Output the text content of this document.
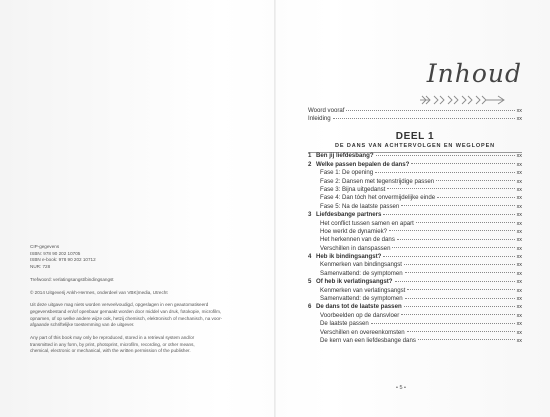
CIP-gegevens
ISBN: 978 90 202 10705
ISBN e-book: 978 90 202 10712
NUR: 728

Trefwoord: verlatingsangst/bindingsangst

© 2014 Uitgeverij Ankh-Hermes, onderdeel van VBK|media, Utrecht

Uit deze uitgave mag niets worden verveelvoudigd, opgeslagen in een geautomatiseerd
gegevensbestand en/of openbaar gemaakt worden door middel van druk, fotokopie, microfilm,
opnamen, of op welke andere wijze ook, hetzij chemisch, elektronisch of mechanisch, na voor-
afgaande schriftelijke toestemming van de uitgever.

Any part of this book may only be reproduced, stored in a retrieval system and/or
transmitted in any form, by print, photoprint, microfilm, recording, or other means,
chemical, electronic or mechanical, with the written permission of the publisher.

Inhoud
Woord vooraf	xx
Inleiding	xx
DEEL 1
DE DANS VAN ACHTERVOLGEN EN WEGLOPEN
1 Ben jij liefdesbang?	xx
2 Welke passen bepalen de dans?	xx
Fase 1: De opening	xx
Fase 2: Dansen met tegenstrijdige passen	xx
Fase 3: Bijna uitgedanst	xx
Fase 4: Dan tóch het onvermijdelijke einde	xx
Fase 5: Na de laatste passen	xx
3 Liefdesbange partners	xx
Het conflict tussen samen en apart	xx
Hoe werkt de dynamiek?	xx
Het herkennen van de dans	xx
Verschillen in danspassen	xx
4 Heb ik bindingsangst?	xx
Kenmerken van bindingsangst	xx
Samenvattend: de symptomen	xx
5 Of heb ik verlatingsangst?	xx
Kenmerken van verlatingsangst	xx
Samenvattend: de symptomen	xx
6 De dans tot de laatste passen	xx
Voorbeelden op de dansvloer	xx
De laatste passen	xx
Verschillen en overeenkomsten	xx
De kern van een liefdesbange dans	xx
• 5 •
